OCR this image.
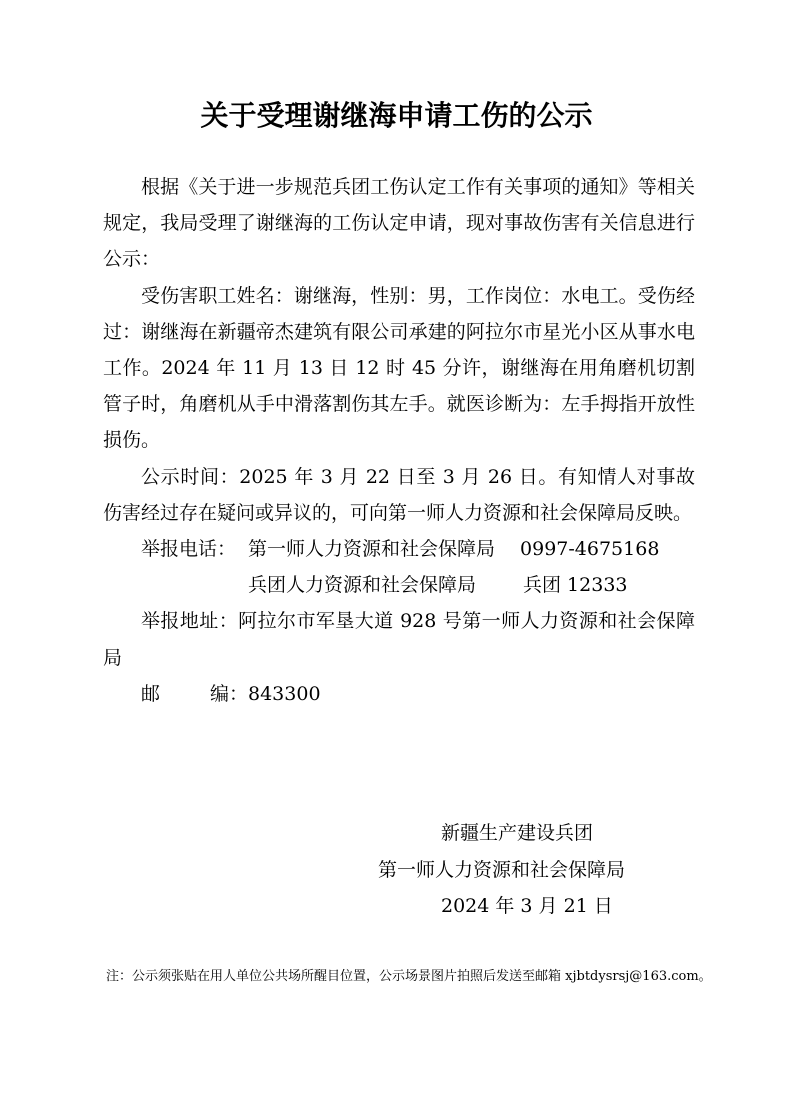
关于受理谢继海申请工伤的公示

根据《关于进一步规范兵团工伤认定工作有关事项的通知》等相关规定，我局受理了谢继海的工伤认定申请，现对事故伤害有关信息进行公示：

受伤害职工姓名：谢继海，性别：男，工作岗位：水电工。受伤经过：谢继海在新疆帝杰建筑有限公司承建的阿拉尔市星光小区从事水电工作。2024 年 11 月 13 日 12 时 45 分许，谢继海在用角磨机切割管子时，角磨机从手中滑落割伤其左手。就医诊断为：左手拇指开放性损伤。

公示时间：2025 年 3 月 22 日至 3 月 26 日。有知情人对事故伤害经过存在疑问或异议的，可向第一师人力资源和社会保障局反映。

举报电话： 第一师人力资源和社会保障局 0997-4675168
兵团人力资源和社会保障局 兵团 12333

举报地址：阿拉尔市军垦大道 928 号第一师人力资源和社会保障局

邮	编： 843300
新疆生产建设兵团
第一师人力资源和社会保障局
2024 年 3 月 21 日
注：公示须张贴在用人单位公共场所醒目位置，公示场景图片拍照后发送至邮箱 xjbtdysrsj@163.com。
